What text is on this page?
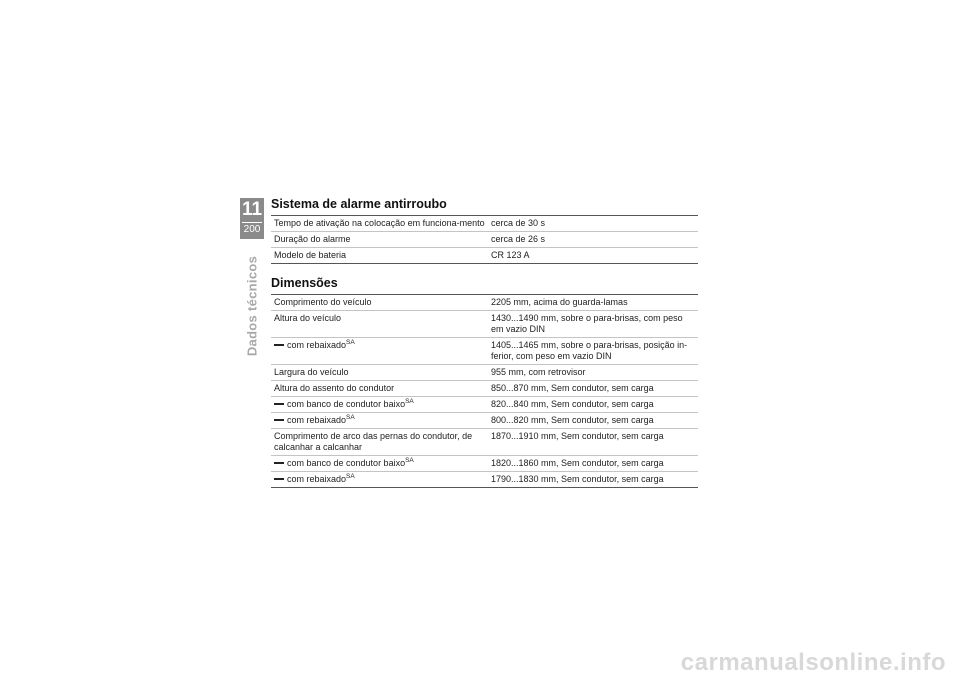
11
200
Dados técnicos
Sistema de alarme antirroubo
Tempo de ativação na colocação em funciona-mento	cerca de 30 s
Duração do alarme	cerca de 26 s
Modelo de bateria	CR 123 A
Dimensões
Comprimento do veículo	2205 mm, acima do guarda-lamas
Altura do veículo	1430...1490 mm, sobre o para-brisas, com peso em vazio DIN
com rebaixado$^{SA}$	1405...1465 mm, sobre o para-brisas, posição in-ferior, com peso em vazio DIN
Largura do veículo	955 mm, com retrovisor
Altura do assento do condutor	850...870 mm, Sem condutor, sem carga
com banco de condutor baixo$^{SA}$	820...840 mm, Sem condutor, sem carga
com rebaixado$^{SA}$	800...820 mm, Sem condutor, sem carga
Comprimento de arco das pernas do condutor, de calcanhar a calcanhar	1870...1910 mm, Sem condutor, sem carga
com banco de condutor baixo$^{SA}$	1820...1860 mm, Sem condutor, sem carga
com rebaixado$^{SA}$	1790...1830 mm, Sem condutor, sem carga
carmanualsonline.info
